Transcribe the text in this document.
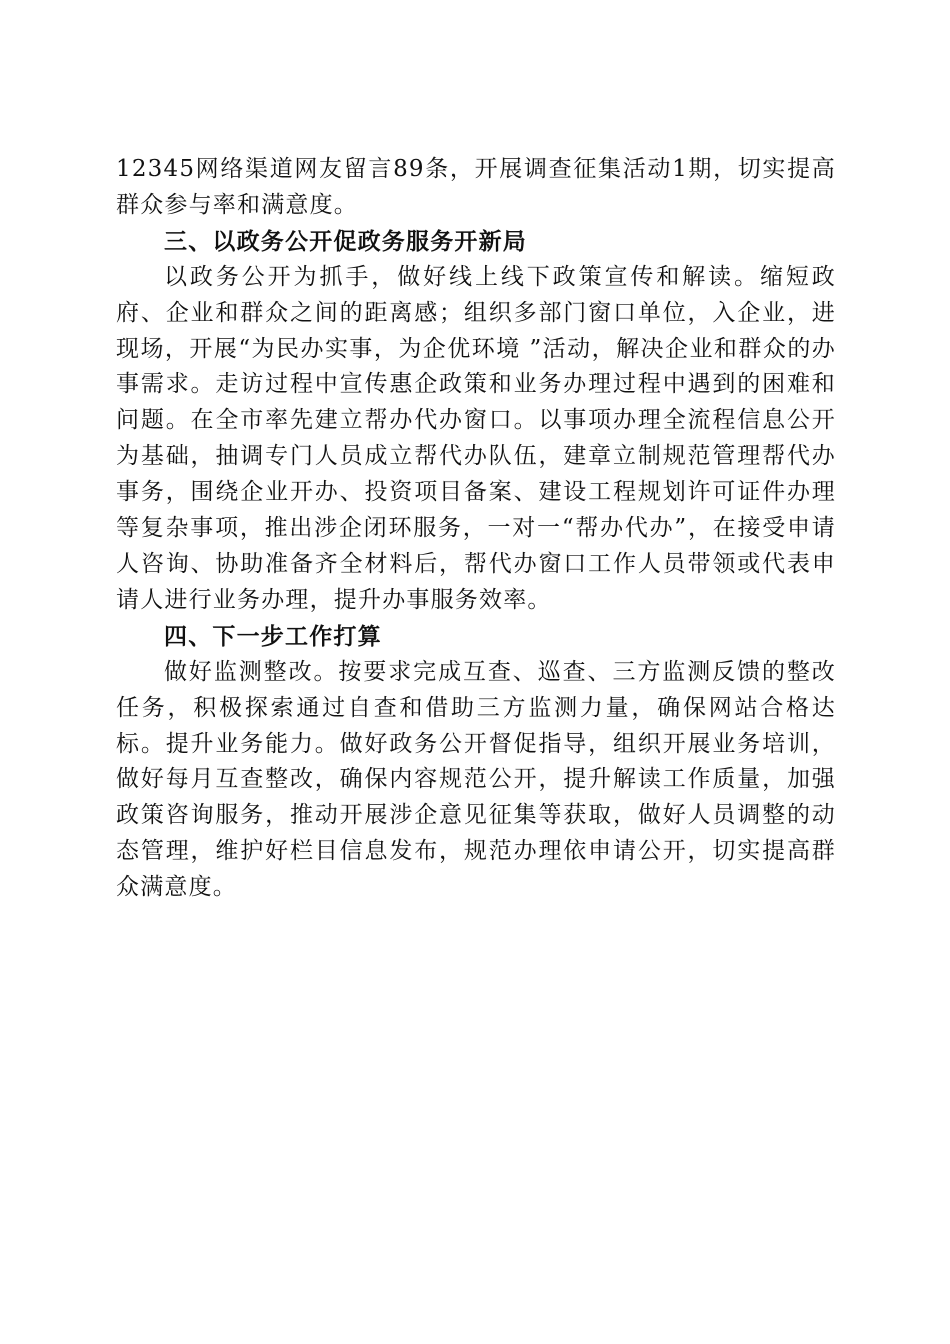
12345网络渠道网友留言89条，开展调查征集活动1期，切实提高群众参与率和满意度。

三、以政务公开促政务服务开新局

以政务公开为抓手，做好线上线下政策宣传和解读。缩短政府、企业和群众之间的距离感；组织多部门窗口单位，入企业，进现场，开展“为民办实事，为企优环境 ”活动，解决企业和群众的办事需求。走访过程中宣传惠企政策和业务办理过程中遇到的困难和问题。在全市率先建立帮办代办窗口。以事项办理全流程信息公开为基础，抽调专门人员成立帮代办队伍，建章立制规范管理帮代办事务，围绕企业开办、投资项目备案、建设工程规划许可证件办理等复杂事项，推出涉企闭环服务，一对一“帮办代办”，在接受申请人咨询、协助准备齐全材料后，帮代办窗口工作人员带领或代表申请人进行业务办理，提升办事服务效率。

四、下一步工作打算

做好监测整改。按要求完成互查、巡查、三方监测反馈的整改任务，积极探索通过自查和借助三方监测力量，确保网站合格达标。提升业务能力。做好政务公开督促指导，组织开展业务培训，做好每月互查整改，确保内容规范公开，提升解读工作质量，加强政策咨询服务，推动开展涉企意见征集等获取，做好人员调整的动态管理，维护好栏目信息发布，规范办理依申请公开，切实提高群众满意度。
